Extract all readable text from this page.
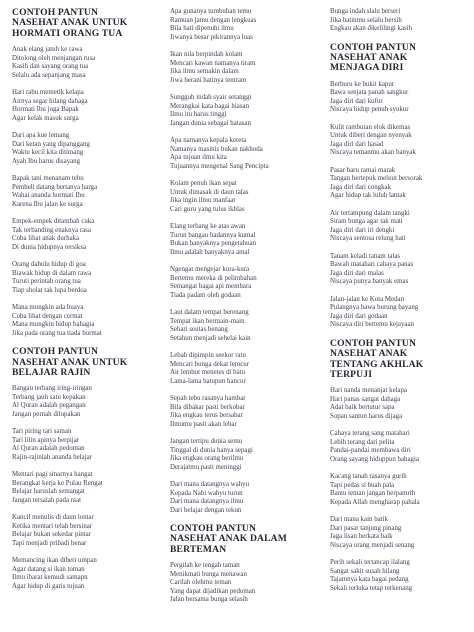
CONTOH PANTUN
NASEHAT ANAK UNTUK
HORMATI ORANG TUA
Anak elang jatuh ke rawa
Ditolong oleh menjangan rusa
Kasih dan sayang orang tua
Selalu ada sepanjang masa
Hari rabu memetik kelapa
Airnya segar hilang dahaga
Hormati Ibu juga Bapak
Agar kelak masuk surga
Dari apa kue lemang
Dari ketan yang dipanggang
Waktu kecil kita ditimang
Ayah Ibu harus disayang
Bapak tani menanam tebu
Pembeli datang bertanya harga
Wahai ananda hormati Ibu
Karena Ibu jalan ke surga
Empek-empek ditambah cuka
Tak terbanding enaknya rasa
Coba lihat anak durhaka
Di dunia hidupnya tersiksa
Orang dahulu hidup di goa
Biawak hidup di dalam rawa
Turuti perintah orang tua
Tiap sholat tak lupa berdoa
Mana mungkin ada buaya
Coba lihat dengan cermat
Mana mungkin hidup bahagia
Jika pada orang tua tiada hormat
CONTOH PANTUN
NASEHAT ANAK UNTUK
BELAJAR RAJIN
Bangau terbang iring-iringan
Terbang jauh satu kepakan
Al Quran adalah pegangan
Jangan pernah dilupakan
Tari piring tari saman
Tari lilin apinya berpijar
Al Quran adalah pedoman
Rajin-rajinlah ananda belajar
Mentari pagi sinarnya hangat
Berangkat kerja ke Pulau Rengat
Belajar haruslah semangat
Jangan tersalah pada niat
Kancil menulis di daun lontar
Ketika mentari telah bersinar
Belajar bukan sekedar pintar
Tapi menjadi pribadi benar
Memancing ikan diberi umpan
Agar datang si ikan toman
Ilmu ibarat kemudi samapn
Agar hidup di garis tujuan
Apa gunanya tumbuhan temu
Ramuan jamu dengan lengkuas
Bila hati dipenuhi ilmu
Jiwanya besar pikirannya luas
Ikan nila berpindah kolam
Mencari kawan namanya tiram
Jika ilmu semakin dalam
Jiwa berani hatinya tentram
Sungguh indah syair setanggi
Merangkai kata bagai hiasan
Ilmu itu harus tinggi
Jangan dunia sebagai batasan
Apa namanya kepala kereta
Namanya masinis bukan nakhoda
Apa tujuan ilmu kita
Tujuannya mengenal Sang Pencipta
Kolam penuh ikan sepat
Untuk dimasak di daun talas
Jika ingin ilmu manfaat
Cari guru yang tulus ikhlas
Elang terbang ke atas awan
Turun bangau badannya kumal
Bukan banyaknya pengetahuan
Ilmu adalah banyaknya amal
Ngengat mengejar kura-kura
Bertemu mereka di pelimbahan
Semangat bagai api membara
Tiada padam oleh godaan
Laut dalam tempat berenang
Tempat ikan bermain-main
Sehari seutas benang
Setahun menjadi sehelai kain
Lebah dipimpin seekor ratu
Mencari bunga dekat lemcur
Air lembut menetes di batu
Lama-lama batupun hancur
Sepah tebu rasanya hambar
Bila dibakar pasti berkobar
Jika engkau terus bersabar
Ilmumu pasti akan lebar
Jangan tertipu dunia semu
Tinggal di dunia hanya sepagi
Jika engkau orang berilmu
Derajatmu pasti meninggi
Dari mana datangnya wahyu
Kepada Nabi wahyu turun
Dari mana datangnya ilmu
Dari belajar dengan tekun
CONTOH PANTUN
NASEHAT ANAK DALAM
BERTEMAN
Pergilah ke tengah taman
Menikmati bunga menawan
Carilah olehmu teman
Yang dapat dijadikan pedoman
Jalan bersama bunga selasih
Bunga indah slalu berseri
Jika batinmu selalu bersih
Engkau akan dikelilingi kasih
CONTOH PANTUN
NASEHAT ANAK
MENJAGA DIRI
Berburu ke bukit kapur
Bawa senjata panah sangkur
Jaga diri dari kufur
Niscaya hidup penuh syukur
Kulit rambutan elok dikemas
Untuk diberi dengan nyenyak
Jaga diri dari hasad
Niscaya temanmu akan banyak
Pasar baru ramai marak
Tangan bertepuk meluut bersorak
Jaga diri dari congkak
Agar hidup tak luluh lantak
Air tertampung dalam tangki
Siram bunga agar tak mati
Jaga diri dari iri dengki
Niscaya sentosa relung hati
Tanam keladi tanam talas
Bawah matahari cahaya panas
Jaga diri dari malas
Niscaya punya banyak emas
Jalan-jalan ke Kota Medan
Pulangnya bawa burung bayang
Jaga diri dari godaan
Niscaya diri bertemu kejayaan
CONTOH PANTUN
NASEHAT ANAK
TENTANG AKHLAK
TERPUJI
Hari nanda menanjat kelapa
Hari panas sangat dahaga
Adat baik bertutur sapa
Sopan santun harus dijaga
Cahaya terang sang matahari
Lebih terang dari pelita
Pandai-pandai membawa diri
Orang sayang hiduppun bahagia
Kacang tanah rasanya gurih
Tapi pedas si buah pala
Bantu teman jangan berpamrih
Kepada Allah mengharap pahala
Dari mana kain batik
Dari pasar tanjung pinang
Jaga lisan berkata baik
Niscaya orang menjadi senang
Perih sekali tertancap ilalang
Sangat sakit susah hilang
Tajamnya kata bagai pedang
Sekali terluka tetap terkenang
